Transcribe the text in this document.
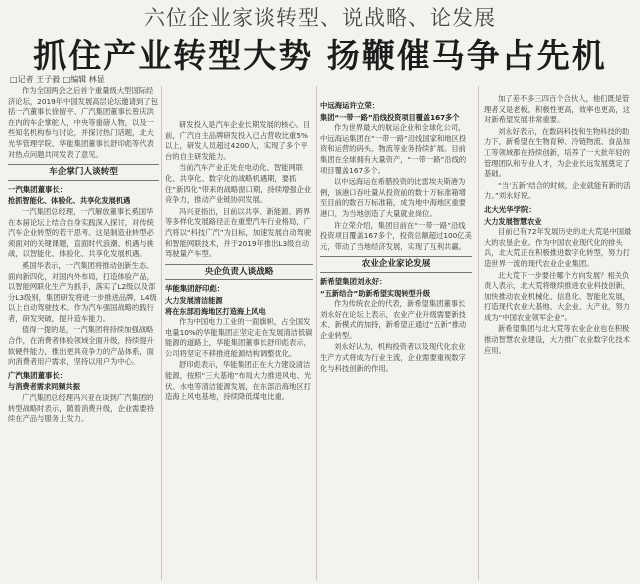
六位企业家谈转型、说战略、论发展
抓住产业转型大势 扬鞭催马争占先机
□记者 王子毅 □编辑 林显

作为全国两会之后首个重量级大型国际经济论坛，2019年中国发展高层论坛邀请到了包括一汽董事长徐留平、广汽集团董事长曾庆洪在内的车企掌舵人，中央等重磅人物，以及一些知名机构参与讨论，并探讨热门话题，北大光华管理学院、华能集团董事长舒印彪等代表对热点问题共同发表了意见。

车企掌门人谈转型
一汽集团董事长：
抢抓智能化、体验化、共享化发展机遇

一汽集团总经理，一汽解放董事长奚国华在本届论坛上结合自身实践深入探讨，对传统汽车企业转型的若干思考。这是制造业转型必须面对的关键课题，直面时代浪潮、机遇与挑战，以智能化、体验化、共享化发展机遇。

奚国华表示，一汽集团将推动创新生态。面向新四化，对国内外布局，打造体验产品，以智能网联化生产为抓手，落实了L2级以及部分L3级别，集团研发将进一步推进品牌，L4级以上自动驾驶技术。作为汽车强国战略的践行者，研发突破，提升造车能力。

值得一提的是，一汽集团将持续加强战略合作，在消费者体验领域全面升级，持续提升软硬件能力，推出更具竞争力的产品体系，面向消费者用户需求，坚持以用户为中心。

广汽集团董事长：
与消费者需求同频共振

广汽集团总经理冯兴亚在谈到广汽集团的转型战略时表示，随着消费升级，企业需要持续在产品与服务上发力。

研发投入是汽车企业长期发展的核心。目前，广汽自主品牌研发投入已占营收比重5%以上，研发人员超过4200人，实现了多个平台的自主研发能力。

当前汽车产业正处在电动化、智能网联化、共享化、数字化的战略机遇期，要抓住“新四化”带来的战略窗口期，持续增强企业竞争力，推动产业链协同发展。

冯兴亚指出，目前以共享、新能源、跨界等多样化发展路径正在重塑汽车行业格局，广汽将以“科技广汽”为目标，加速发展自动驾驶和智能网联技术，并于2019年推出L3级自动驾驶量产车型。

央企负责人谈战略
华能集团舒印彪：
大力发展清洁能源
将在东部沿海地区打造海上风电

作为中国电力工业的一面旗帜，占全国发电量10%的华能集团正坚定走在发展清洁低碳能源的道路上，华能集团董事长舒印彪表示，公司将坚定不移推进能源结构调整优化。

舒印彪表示，华能集团正在大力建设清洁能源，按照“三大基地”布局大力推进风电、光伏、水电等清洁能源发展，在东部沿海地区打造海上风电基地，持续降低煤电比重。

中远海运许立荣：
集团“一带一路”沿线投资项目覆盖167多个

作为世界最大的航运企业和全球化公司，中远海运集团在“一带一路”沿线国家和地区投资和运营的码头、物流等业务持续扩展。目前集团在全球拥有大量资产，“一带一路”沿线的项目覆盖167多个。

以中远海运在希腊投资的比雷埃夫斯港为例，该港口吞吐量从投资前的数十万标准箱增至目前的数百万标准箱，成为地中海地区重要港口，为当地创造了大量就业岗位。

许立荣介绍，集团目前在“一带一路”沿线投资项目覆盖167多个，投资总额超过100亿美元，带动了当地经济发展，实现了互利共赢。

农业企业家论发展
新希望集团刘永好：
“五新结合”助新希望实现转型升级

作为传统农企的代表，新希望集团董事长刘永好在论坛上表示，农业产业升级需要新技术、新模式的加持，新希望正通过“五新”推动企业转型。

刘永好认为，机构投资者以及现代化农业生产方式将成为行业主流，企业需要重视数字化与科技创新的作用。

加了差不多三四百个合伙人，他们既是管理者又是老板，积极性更高，效率也更高，这对新希望发展非常重要。

刘永好表示，在数码科技和生物科技的助力下，新希望在生物育种、冷链物流、食品加工等领域都在持续创新，培养了一大批年轻的管理团队和专业人才，为企业长远发展奠定了基础。

“当‘五新’结合的时候，企业就能有新的活力。”刘永好说。

北大光华学院：
大力发展智慧农业

目前已有72年发展历史的北大荒是中国最大的农垦企业。作为中国农业现代化的排头兵，北大荒正在积极推进数字化转型，努力打造世界一流的现代农业企业集团。

北大荒下一步要往哪个方向发展？相关负责人表示，北大荒将继续推进农业科技创新，加快推动农业机械化、信息化、智能化发展，打造现代农业大基地、大企业、大产业，努力成为“中国农业领军企业”。

新希望集团与北大荒等农业企业也在积极推动智慧农业建设，大力推广农业数字化技术应用。
